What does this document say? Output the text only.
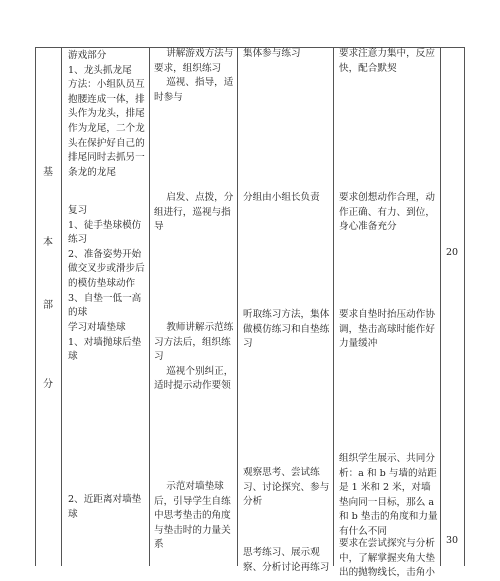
基
本
部
分
游戏部分
1、龙头抓龙尾
方法：小组队员互抱腰连成一体，排头作为龙头，排尾作为龙尾，二个龙头在保护好自己的排尾同时去抓另一条龙的龙尾
讲解游戏方法与要求，组织练习
巡视、指导，适时参与
集体参与练习	要求注意力集中，反应快，配合默契
启发、点拨，分组进行，巡视与指导
分组由小组长负责	要求创想动作合理，动作正确、有力、到位，身心准备充分
复习
1、徒手垫球模仿练习
2、准备姿势开始做交叉步或滑步后的模仿垫球动作
3、自垫一低一高的球
20
听取练习方法，集体做模仿练习和自垫练习
要求自垫时抬压动作协调，垫击高球时能作好力量缓冲
学习对墙垫球
1、对墙抛球后垫球
教师讲解示范练习方法后，组织练习
巡视个别纠正，适时提示动作要领
组织学生展示、共同分析：a 和 b 与墙的站距是 1 米和 2 米，对墙垫向同一目标，那么 a 和 b 垫击的角度和力量有什么不同
观察思考、尝试练习、讨论探究、参与分析
示范对墙垫球后，引导学生自练中思考垫击的角度与垫击时的力量关系
2、近距离对墙垫球
30
思考练习、展示观察、分析讨论再练习
要求在尝试探究与分析中，了解掌握夹角大垫出的抛物线长，击角小
